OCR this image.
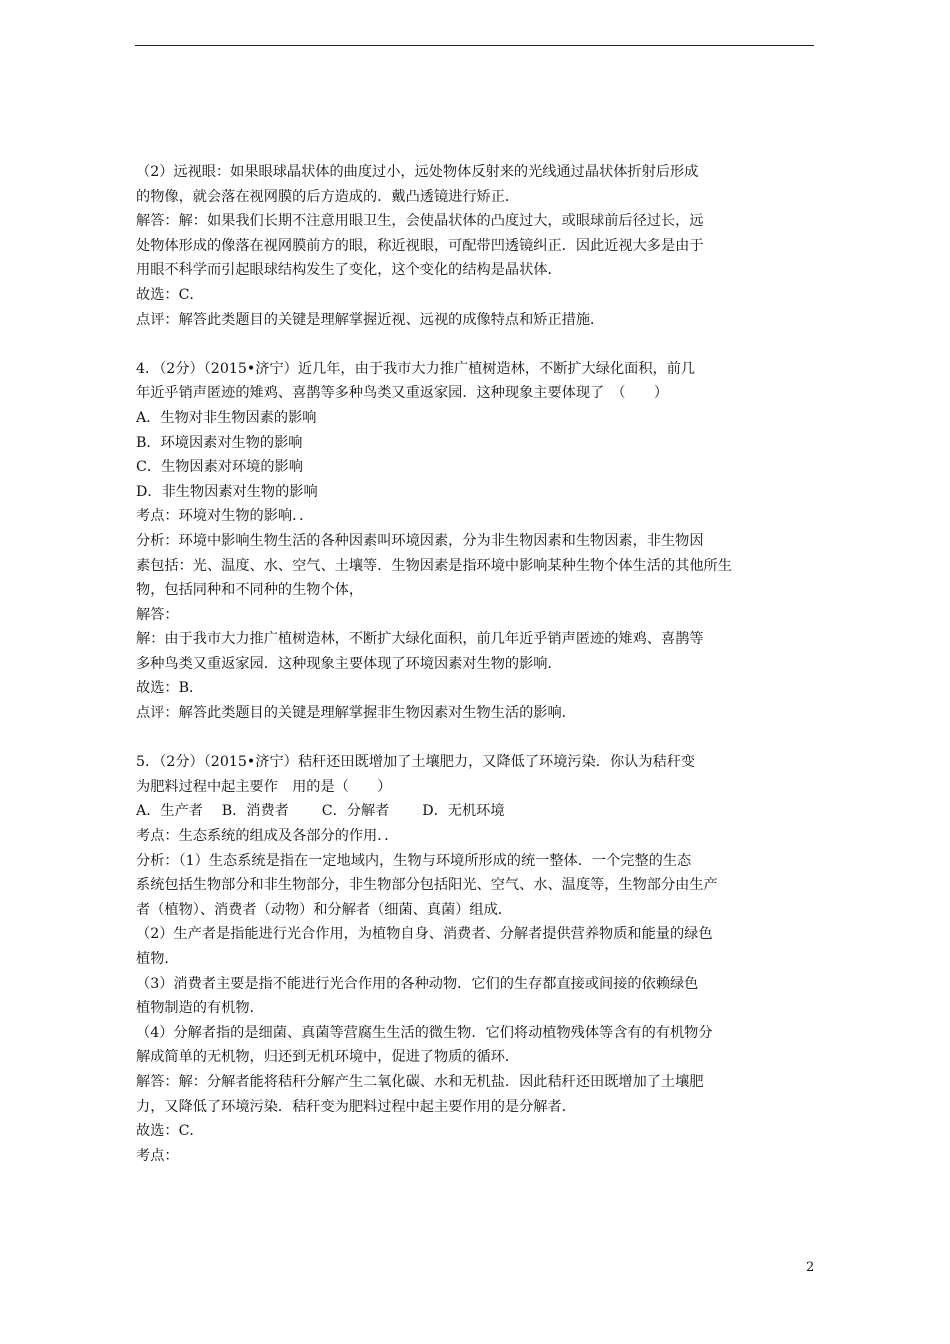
（2）远视眼：如果眼球晶状体的曲度过小，远处物体反射来的光线通过晶状体折射后形成
的物像，就会落在视网膜的后方造成的．戴凸透镜进行矫正．
解答：解：如果我们长期不注意用眼卫生，会使晶状体的凸度过大，或眼球前后径过长，远
处物体形成的像落在视网膜前方的眼，称近视眼，可配带凹透镜纠正．因此近视大多是由于
用眼不科学而引起眼球结构发生了变化，这个变化的结构是晶状体．
故选：C．
点评：解答此类题目的关键是理解掌握近视、远视的成像特点和矫正措施．
4．（2分）（2015•济宁）近几年，由于我市大力推广植树造林，不断扩大绿化面积，前几
年近乎销声匿迹的雉鸡、喜鹊等多种鸟类又重返家园．这种现象主要体现了　（　　）
A．生物对非生物因素的影响
B．环境因素对生物的影响
C．生物因素对环境的影响
D．非生物因素对生物的影响
考点：环境对生物的影响．．
分析：环境中影响生物生活的各种因素叫环境因素，分为非生物因素和生物因素，非生物因
素包括：光、温度、水、空气、土壤等．生物因素是指环境中影响某种生物个体生活的其他所生
物，包括同种和不同种的生物个体，
解答：
解：由于我市大力推广植树造林，不断扩大绿化面积，前几年近乎销声匿迹的雉鸡、喜鹊等
多种鸟类又重返家园．这种现象主要体现了环境因素对生物的影响．
故选：B．
点评：解答此类题目的关键是理解掌握非生物因素对生物生活的影响．
5．（2分）（2015•济宁）秸秆还田既增加了土壤肥力，又降低了环境污染．你认为秸秆变
为肥料过程中起主要作　用的是（　　）
A．生产者　 B．消费者　　 C．分解者　　 D．无机环境
考点：生态系统的组成及各部分的作用．．
分析：（1）生态系统是指在一定地域内，生物与环境所形成的统一整体．一个完整的生态
系统包括生物部分和非生物部分，非生物部分包括阳光、空气、水、温度等，生物部分由生产
者（植物）、消费者（动物）和分解者（细菌、真菌）组成．
（2）生产者是指能进行光合作用，为植物自身、消费者、分解者提供营养物质和能量的绿色
植物．
（3）消费者主要是指不能进行光合作用的各种动物．它们的生存都直接或间接的依赖绿色
植物制造的有机物．
（4）分解者指的是细菌、真菌等营腐生生活的微生物．它们将动植物残体等含有的有机物分
解成简单的无机物，归还到无机环境中，促进了物质的循环．
解答：解：分解者能将秸秆分解产生二氧化碳、水和无机盐．因此秸秆还田既增加了土壤肥
力，又降低了环境污染．秸秆变为肥料过程中起主要作用的是分解者．
故选：C．
考点：
2
